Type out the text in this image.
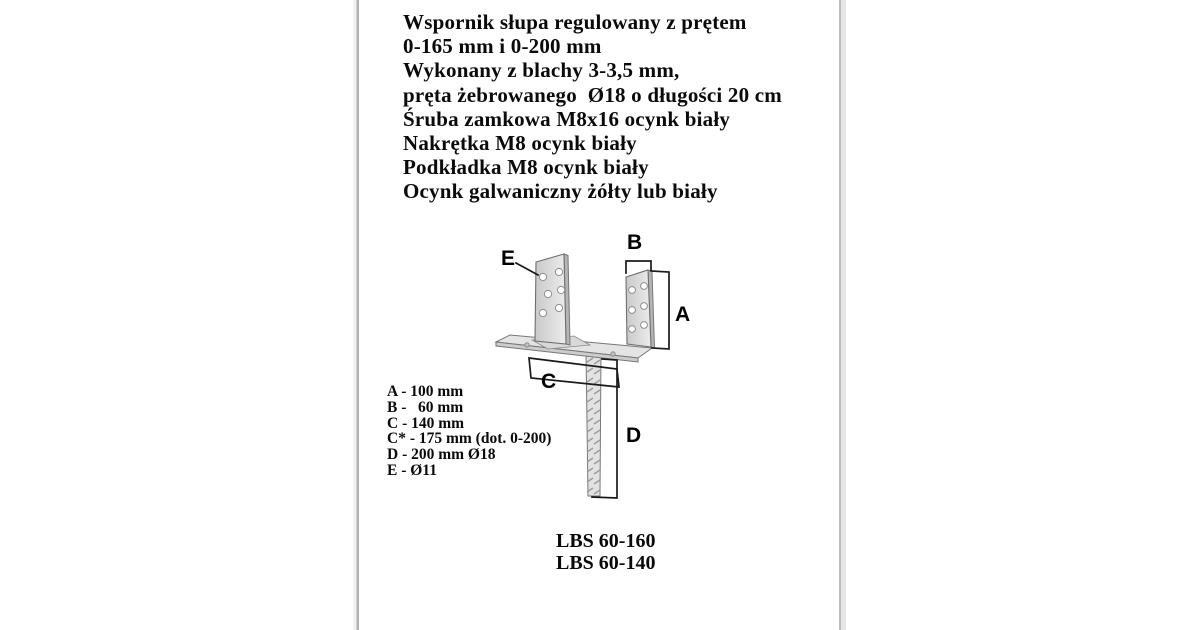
Wspornik słupa regulowany z prętem
0-165 mm i 0-200 mm
Wykonany z blachy 3-3,5 mm,
pręta żebrowanego  Ø18 o długości 20 cm
Śruba zamkowa M8x16 ocynk biały
Nakrętka M8 ocynk biały
Podkładka M8 ocynk biały
Ocynk galwaniczny żółty lub biały
E
B
A
C
D
A - 100 mm
B -   60 mm
C - 140 mm
C* - 175 mm (dot. 0-200)
D - 200 mm Ø18
E - Ø11
LBS 60-160
LBS 60-140
